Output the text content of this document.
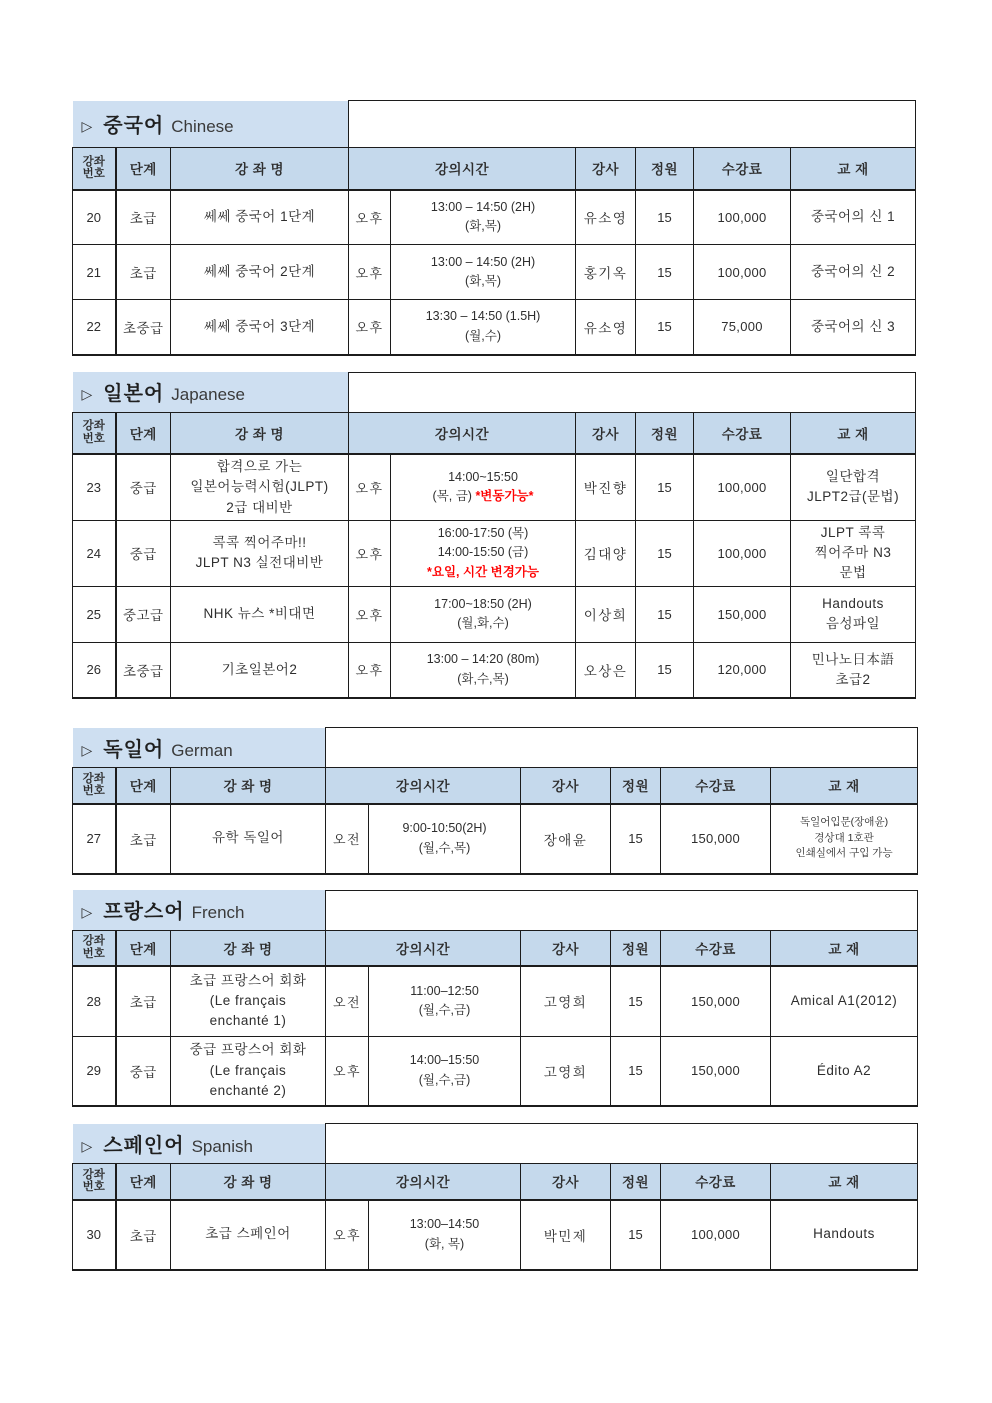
▷ 중국어 Chinese								

강좌
번호	단계	강 좌 명	강의시간		강사	정원	수강료	교 재
20	초급	쎄쎄 중국어 1단계	오후	13:00 – 14:50 (2H)
(화,목)	유소영	15	100,000	중국어의 신 1

21	초급	쎄쎄 중국어 2단계	오후	13:00 – 14:50 (2H)
(화,목)	홍기옥	15	100,000	중국어의 신 2

22	초중급	쎄쎄 중국어 3단계	오후	13:30 – 14:50 (1.5H)
(월,수)	유소영	15	75,000	중국어의 신 3
▷ 일본어 Japanese								

강좌
번호	단계	강 좌 명	강의시간		강사	정원	수강료	교 재
23	중급	
합격으로 가는
일본어능력시험(JLPT)
2급 대비반
	오후	
14:00~15:50
(목, 금) *변동가능*	박진향	15	100,000	
일단합격
JLPT2급(문법)

24	중급	
콕콕 찍어주마!!
JLPT N3 실전대비반
	오후	
16:00-17:50 (목)
14:00-15:50 (금)
*요일, 시간 변경가능
	김대양	15	100,000	
JLPT 콕콕
찍어주마 N3
문법

25	중고급	NHK 뉴스 *비대면	오후	
17:00~18:50 (2H)
(월,화,수)	이상희	15	150,000	
Handouts
음성파일

26	초중급	기초일본어2	오후	
13:00 – 14:20 (80m)
(화,수,목)	오상은	15	120,000	
민나노日本語
초급2
▷ 독일어 German								

강좌
번호	단계	강 좌 명	강의시간		강사	정원	수강료	교 재
27	초급	유학 독일어	오전	
9:00-10:50(2H)
(월,수,목)	장애윤	15	150,000	
독일어입문(장애윤)
경상대 1호관
인쇄실에서 구입 가능
▷ 프랑스어 French								

강좌
번호	단계	강 좌 명	강의시간		강사	정원	수강료	교 재
28	초급	
초급 프랑스어 회화
(Le français
enchanté 1)
	오전	
11:00–12:50
(월,수,금)	고영희	15	150,000	Amical A1(2012)

29	중급	
중급 프랑스어 회화
(Le français
enchanté 2)
	오후	
14:00–15:50
(월,수,금)	고영희	15	150,000	Édito A2
▷ 스페인어 Spanish								

강좌
번호	단계	강 좌 명	강의시간		강사	정원	수강료	교 재
30	초급	초급 스페인어	오후	13:00–14:50
(화, 목)	박민제	15	100,000	Handouts
